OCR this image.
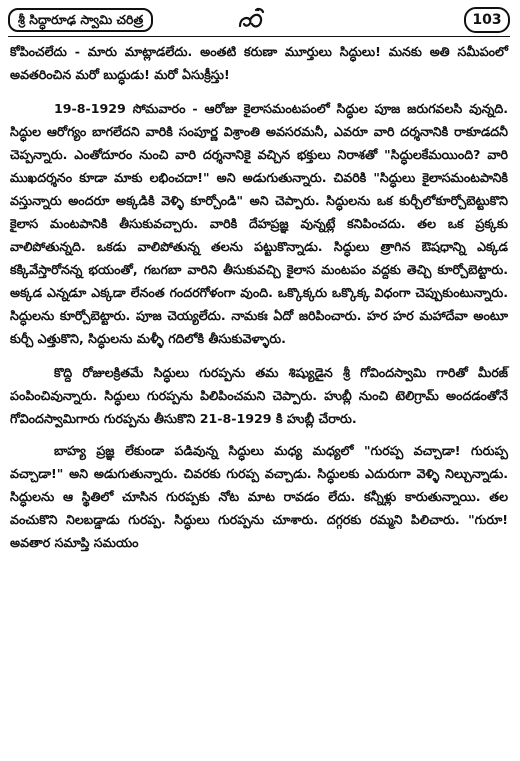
శ్రీ సిద్ధారూఢ స్వామి చరిత్ర	103

కోపించలేదు - మారు మాట్లాడలేదు. అంతటి కరుణా మూర్తులు సిద్ధులు! మనకు అతి సమీపంలో అవతరించిన మరో బుద్ధుడు! మరో ఏసుక్రీస్తు!

19-8-1929 సోమవారం - ఆరోజు కైలాసమంటపంలో సిద్ధుల పూజ జరుగవలసి వున్నది. సిద్ధుల ఆరోగ్యం బాగలేదని వారికి సంపూర్ణ విశ్రాంతి అవసరమనీ, ఎవరూ వారి దర్శనానికి రాకూడదనీ చెప్పన్నారు. ఎంతోదూరం నుంచి వారి దర్శనానికై వచ్చిన భక్తులు నిరాశతో "సిద్ధులకేమయింది? వారి ముఖదర్శనం కూడా మాకు లభించదా!" అని అడుగుతున్నారు. చివరికి "సిద్ధులు కైలాసమంటపానికి వస్తున్నారు అందరూ అక్కడికి వెళ్ళి కూర్చోండి" అని చెప్పారు. సిద్ధులను ఒక కుర్చీలోకూర్చోబెట్టుకొని కైలాస మంటపానికి తీసుకువచ్చారు. వారికి దేహప్రజ్ఞ వున్నట్లే కనిపించదు. తల ఒక ప్రక్కకు వాలిపోతున్నది. ఒకడు వాలిపోతున్న తలను పట్టుకొన్నాడు. సిద్ధులు త్రాగిన ఔషధాన్ని ఎక్కడ కక్కివేస్తారోనన్న భయంతో, గబగబా వారిని తీసుకువచ్చి కైలాస మంటపం వద్దకు తెచ్చి కూర్చోబెట్టారు. అక్కడ ఎన్నడూ ఎక్కడా లేనంత గందరగోళంగా వుంది. ఒక్కొక్కరు ఒక్కొక్క విధంగా చెప్పుకుంటున్నారు. సిద్ధులను కూర్చోబెట్టారు. పూజ చెయ్యలేదు. నామకః ఏదో జరిపించారు. హర హర మహాదేవా అంటూ కుర్చీ ఎత్తుకొని, సిద్ధులను మళ్ళీ గదిలోకి తీసుకువెళ్ళారు.

కొద్ది రోజులక్రితమే సిద్ధులు గురప్పను తమ శిష్యుడైన శ్రీ గోవిందస్వామి గారితో మీరజ్ పంపించివున్నారు. సిద్ధులు గురప్పను పిలిపించమని చెప్పారు. హుబ్లీ నుంచి టెలిగ్రామ్ అందడంతోనే గోవిందస్వామిగారు గురప్పను తీసుకొని 21-8-1929 కి హుబ్లీ చేరారు.

బాహ్య ప్రజ్ఞ లేకుండా పడివున్న సిద్ధులు మధ్య మధ్యలో "గురప్ప వచ్చాడా! గురుప్ప వచ్చాడా!" అని అడుగుతున్నారు. చివరకు గురప్ప వచ్చాడు. సిద్ధులకు ఎదురుగా వెళ్ళి నిల్చున్నాడు. సిద్ధులను ఆ స్థితిలో చూసిన గురప్పకు నోట మాట రావడం లేదు. కన్నీళ్లు కారుతున్నాయి. తల వంచుకొని నిలబడ్డాడు గురప్ప. సిద్ధులు గురప్పను చూశారు. దగ్గరకు రమ్మని పిలిచారు. "గురూ! అవతార సమాప్తి సమయం
